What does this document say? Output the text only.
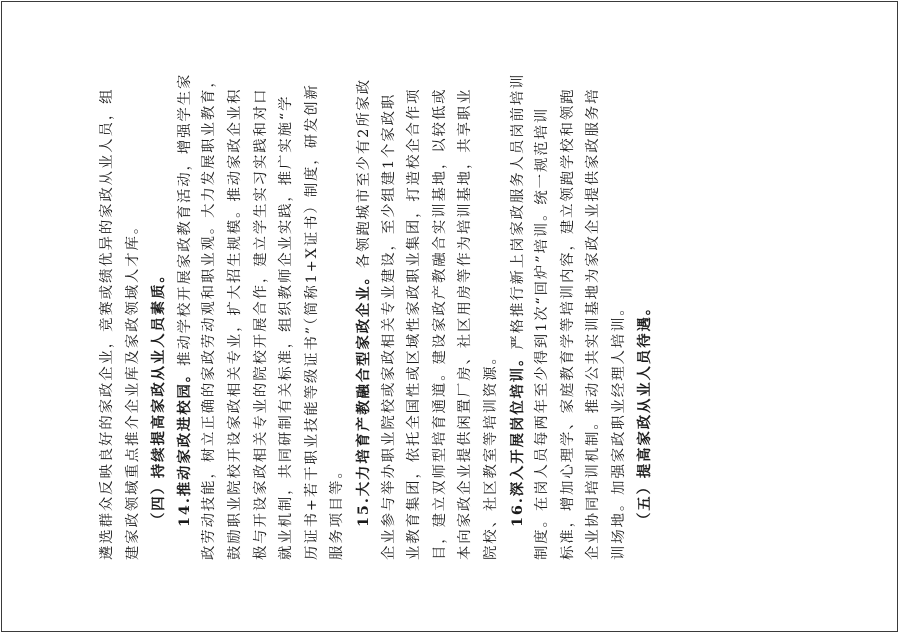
遴选群众反映良好的家政企业，竞赛或绩优异的家政从业人员，组 建家政领域重点推介企业库及家政领域人才库。 （四）持续提高家政从业人员素质。 14.推动家政进校园。推动学校开展家政教育活动，增强学生家 政劳动技能，树立正确的家政劳动观和职业观。大力发展职业教育， 鼓励职业院校开设家政相关专业，扩大招生规模。推动家政企业积 极与开设家政相关专业的院校开展合作，建立学生实习实践和对口 就业机制，共同研制有关标准，组织教师企业实践，推广实施“学 历证书+若干职业技能等级证书”（简称1+X证书）制度，研发创新 服务项目等。 15.大力培育产教融合型家政企业。各领跑城市至少有2所家政 企业参与举办职业院校或家政相关专业建设，至少组建1个家政职 业教育集团，依托全国性或区域性家政职业集团，打造校企合作项 目，建立双师型培育通道。建设家政产教融合实训基地，以较低或 本向家政企业提供闲置厂房、社区用房等作为培训基地，共享职业 院校、社区教室等培训资源。 16.深入开展岗位培训。严格推行新上岗家政服务人员岗前培训 制度。在岗人员每两年至少得到1次“回炉”培训。统一规范培训 标准，增加心理学、家庭教育学等培训内容，建立领跑学校和领跑 企业协同培训机制。推动公共实训基地为家政企业提供家政服务培 训场地。加强家政职业经理人培训。 （五）提高家政从业人员待遇。
